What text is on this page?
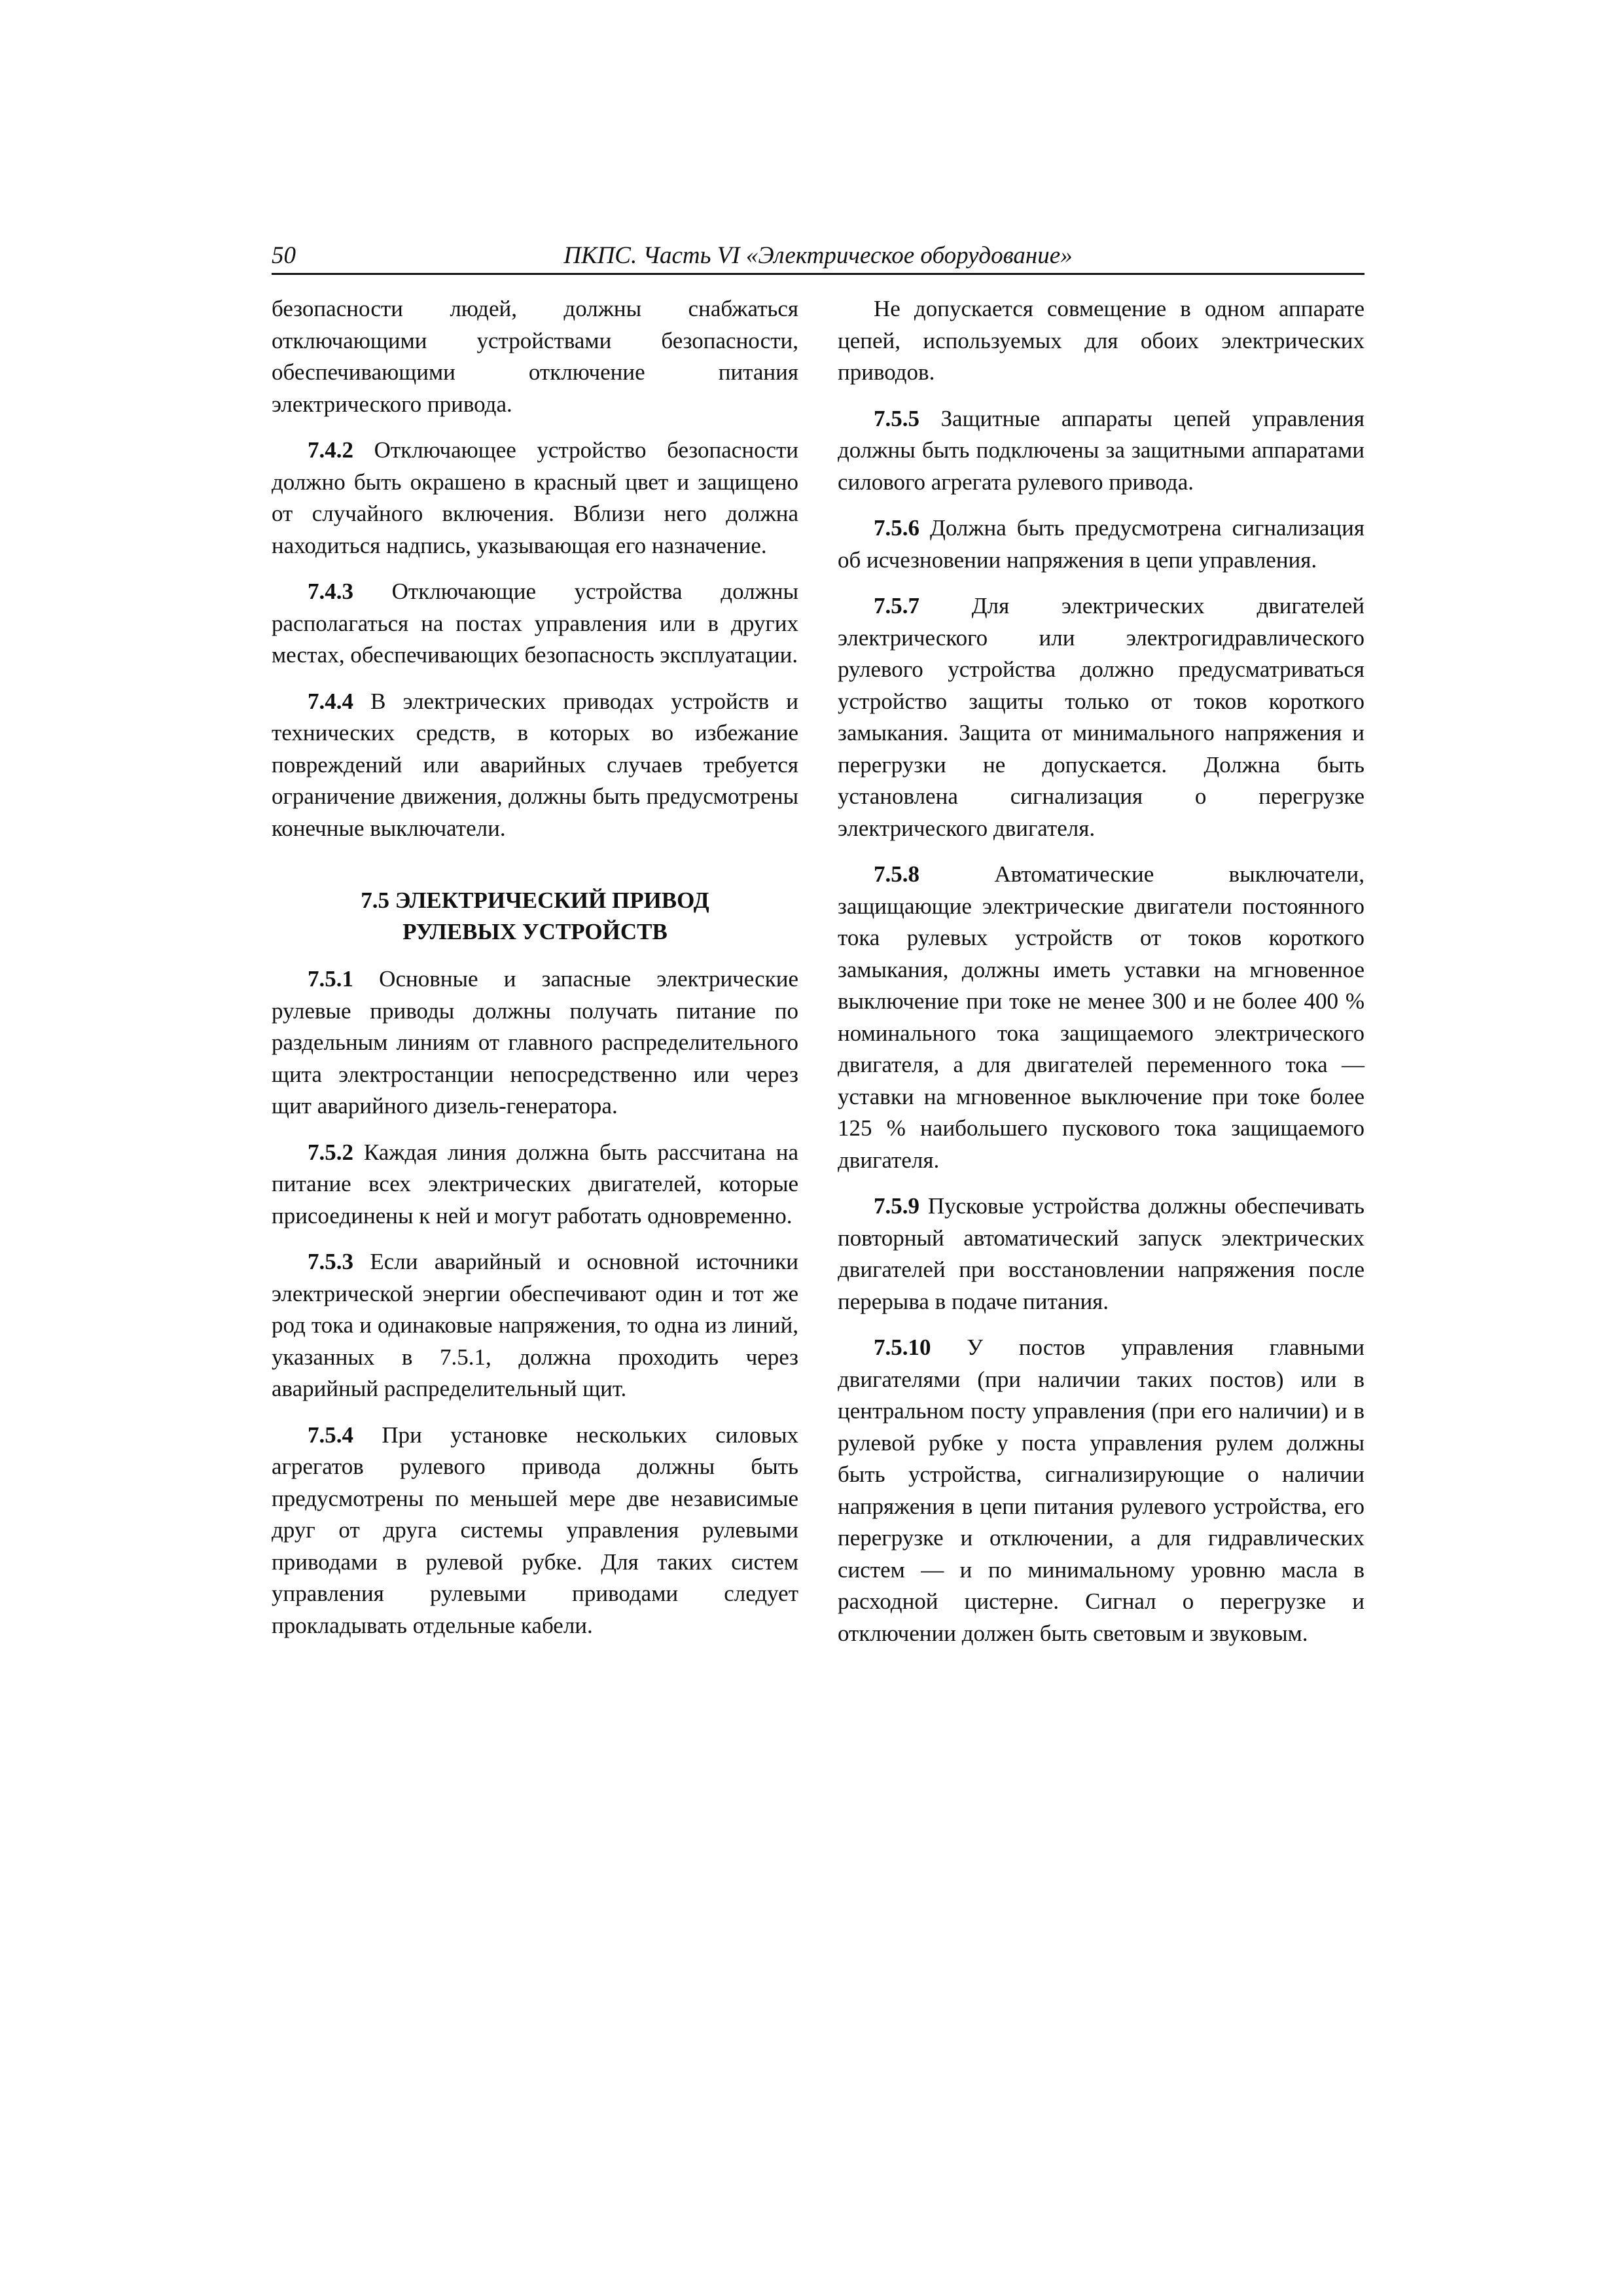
50	ПКПС. Часть VI «Электрическое оборудование»

безопасности людей, должны снабжаться отключающими устройствами безопасности, обеспечивающими отключение питания электрического привода.

7.4.2 Отключающее устройство безопасности должно быть окрашено в красный цвет и защищено от случайного включения. Вблизи него должна находиться надпись, указывающая его назначение.

7.4.3 Отключающие устройства должны располагаться на постах управления или в других местах, обеспечивающих безопасность эксплуатации.

7.4.4 В электрических приводах устройств и технических средств, в которых во избежание повреждений или аварийных случаев требуется ограничение движения, должны быть предусмотрены конечные выключатели.

7.5 ЭЛЕКТРИЧЕСКИЙ ПРИВОД
РУЛЕВЫХ УСТРОЙСТВ

7.5.1 Основные и запасные электрические рулевые приводы должны получать питание по раздельным линиям от главного распределительного щита электростанции непосредственно или через щит аварийного дизель-генератора.

7.5.2 Каждая линия должна быть рассчитана на питание всех электрических двигателей, которые присоединены к ней и могут работать одновременно.

7.5.3 Если аварийный и основной источники электрической энергии обеспечивают один и тот же род тока и одинаковые напряжения, то одна из линий, указанных в 7.5.1, должна проходить через аварийный распределительный щит.

7.5.4 При установке нескольких силовых агрегатов рулевого привода должны быть предусмотрены по меньшей мере две независимые друг от друга системы управления рулевыми приводами в рулевой рубке. Для таких систем управления рулевыми приводами следует прокладывать отдельные кабели.

Не допускается совмещение в одном аппарате цепей, используемых для обоих электрических приводов.

7.5.5 Защитные аппараты цепей управления должны быть подключены за защитными аппаратами силового агрегата рулевого привода.

7.5.6 Должна быть предусмотрена сигнализация об исчезновении напряжения в цепи управления.

7.5.7 Для электрических двигателей электрического или электрогидравлического рулевого устройства должно предусматриваться устройство защиты только от токов короткого замыкания. Защита от минимального напряжения и перегрузки не допускается. Должна быть установлена сигнализация о перегрузке электрического двигателя.

7.5.8 Автоматические выключатели, защищающие электрические двигатели постоянного тока рулевых устройств от токов короткого замыкания, должны иметь уставки на мгновенное выключение при токе не менее 300 и не более 400 % номинального тока защищаемого электрического двигателя, а для двигателей переменного тока — уставки на мгновенное выключение при токе более 125 % наибольшего пускового тока защищаемого двигателя.

7.5.9 Пусковые устройства должны обеспечивать повторный автоматический запуск электрических двигателей при восстановлении напряжения после перерыва в подаче питания.

7.5.10 У постов управления главными двигателями (при наличии таких постов) или в центральном посту управления (при его наличии) и в рулевой рубке у поста управления рулем должны быть устройства, сигнализирующие о наличии напряжения в цепи питания рулевого устройства, его перегрузке и отключении, а для гидравлических систем — и по минимальному уровню масла в расходной цистерне. Сигнал о перегрузке и отключении должен быть световым и звуковым.
